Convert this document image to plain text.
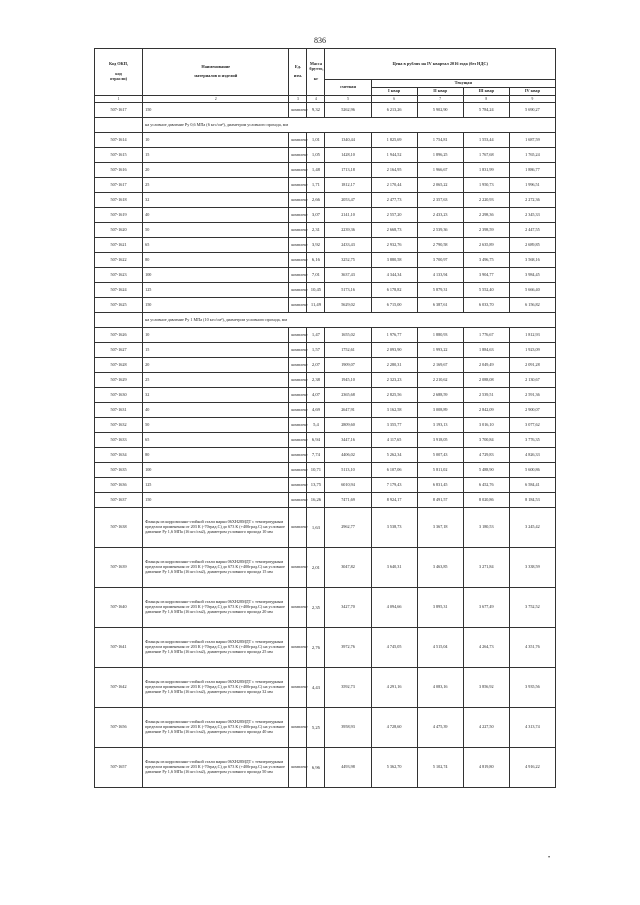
836
Код ОКП,

код
отрасли)	Наименование

материалов и изделий	Ед.

изм.	Масса брутто,

кг	Цена в рублях на IV квартал 2016 года (без НДС)				
				сметная	Текущая			
					I квар	II квар	III квар	IV квар
1	2	3	4	5	6	7	8	9
507-1617	150	комплект	9,32	5262,96	6 213,26	5 902,90	5 784,24	5 690,27
	на условное давление Ру 0,6 МПа (6 кгс/см²), диаметром условного прохода, мм							
507-1614	10	комплект	1,01	1340,44	1 825,69	1 754,81	1 553,44	1 687,59
507-1615	15	комплект	1,05	1428,10	1 944,52	1 896,25	1 767,68	1 765,24
507-1616	20	комплект	1,48	1713,18	2 164,95	1 966,67	1 831,99	1 886,77
507-1617	25	комплект	1,71	1812,17	2 170,44	2 065,22	1 950,73	1 996,51
507-1618	32	комплект	2,66	2053,47	2 477,73	2 357,63	2 220,93	2 272,36
507-1619	40	комплект	3,07	2141,10	2 557,20	2 433,23	2 298,36	2 345,33
507-1620	50	комплект	2,31	2239,36	2 668,73	2 539,36	2 398,59	2 447,55
507-1621	65	комплект	3,92	2433,43	2 932,76	2 790,58	2 635,89	2 689,85
507-1622	80	комплект	6,16	3252,75	3 880,58	3 700,97	3 496,75	3 568,16
507-1623	100	комплект	7,01	3637,43	4 344,34	4 133,94	3 904,77	3 984,45
507-1624	125	комплект	10,45	5173,16	6 178,82	5 879,31	5 552,40	5 666,40
507-1625	150	комплект	11,49	5629,02	6 715,00	6 387,61	6 033,70	6 156,82
	на условное давление Ру 1 МПа (10 кгс/см²), диаметром условного прохода, мм							
507-1626	10	комплект	1,47	1655,02	1 976,77	1 880,93	1 776,67	1 812,93
507-1627	15	комплект	1,57	1752,61	2 093,90	1 993,22	1 884,63	1 923,09
507-1628	20	комплект	2,07	1909,07	2 280,31	2 169,67	2 049,49	2 091,28
507-1629	25	комплект	2,38	1945,10	2 323,23	2 210,62	2 088,08	2 130,67
507-1630	32	комплект	4,07	2365,68	2 825,56	2 688,59	2 539,51	2 591,36
507-1631	40	комплект	4,69	2647,91	3 162,58	3 008,89	2 842,09	2 900,07
507-1632	50	комплект	5,4	2809,60	3 355,77	3 193,13	3 016,10	3 077,62
507-1633	65	комплект	6,94	3447,16	4 117,65	3 918,05	3 700,84	3 776,35
507-1634	80	комплект	7,74	4406,02	5 262,34	5 007,43	4 729,83	4 826,33
507-1635	100	комплект	10,71	5113,10	6 107,06	5 811,02	5 488,90	5 600,86
507-1636	125	комплект	13,75	6010,94	7 179,43	6 831,45	6 452,76	6 584,41
507-1637	150	комплект	16,26	7471,69	8 924,17	8 491,57	8 020,86	8 184,53
507-1638	Фланцы из коррозионно-стойкой стали марки 06ХН28МДТ с температурным пределом применения от 203 К (-70град.С) до 673 К (+400град.С) на условное давление Ру 1,6 МПа (16 кгс/см2), диаметром условного прохода 10 мм	комплект	1,63	2962,77	3 538,73	3 367,18	3 180,53	3 245,42
507-1639	Фланцы из коррозионно-стойкой стали марки 06ХН28МДТ с температурным пределом применения от 203 К (-70град.С) до 673 К (+400град.С) на условное давление Ру 1,6 МПа (16 кгс/см2), диаметром условного прохода 15 мм	комплект	2,01	3047,82	3 640,31	3 463,85	3 271,84	3 338,59
507-1640	Фланцы из коррозионно-стойкой стали марки 06ХН28МДТ с температурным пределом применения от 203 К (-70град.С) до 673 К (+400град.С) на условное давление Ру 1,6 МПа (16 кгс/см2), диаметром условного прохода 20 мм	комплект	2,35	3427,70	4 094,66	3 895,31	3 677,49	3 752,52
507-1641	Фланцы из коррозионно-стойкой стали марки 06ХН28МДТ с температурным пределом применения от 203 К (-70град.С) до 673 К (+400град.С) на условное давление Ру 1,6 МПа (16 кгс/см2), диаметром условного прохода 25 мм	комплект	2,76	3972,76	4 745,05	4 515,04	4 264,73	4 351,76
507-1642	Фланцы из коррозионно-стойкой стали марки 06ХН28МДТ с температурным пределом применения от 203 К (-70град.С) до 673 К (+400град.С) на условное давление Ру 1,6 МПа (16 кгс/см2), диаметром условного прохода 32 мм	комплект	4,43	3592,73	4 291,16	4 083,16	3 856,92	3 935,56
507-1656	Фланцы из коррозионно-стойкой стали марки 06ХН28МДТ с температурным пределом применения от 203 К (-70град.С) до 673 К (+400град.С) на условное давление Ру 1,6 МПа (16 кгс/см2), диаметром условного прохода 40 мм	комплект	5,25	3958,93	4 728,60	4 475,39	4 227,50	4 313,74
507-1657	Фланцы из коррозионно-стойкой стали марки 06ХН28МДТ с температурным пределом применения от 203 К (-70град.С) до 673 К (+400град.С) на условное давление Ру 1,6 МПа (16 кгс/см2), диаметром условного прохода 50 мм	комплект	6,96	4493,98	5 362,70	5 102,74	4 819,80	4 916,22
•
